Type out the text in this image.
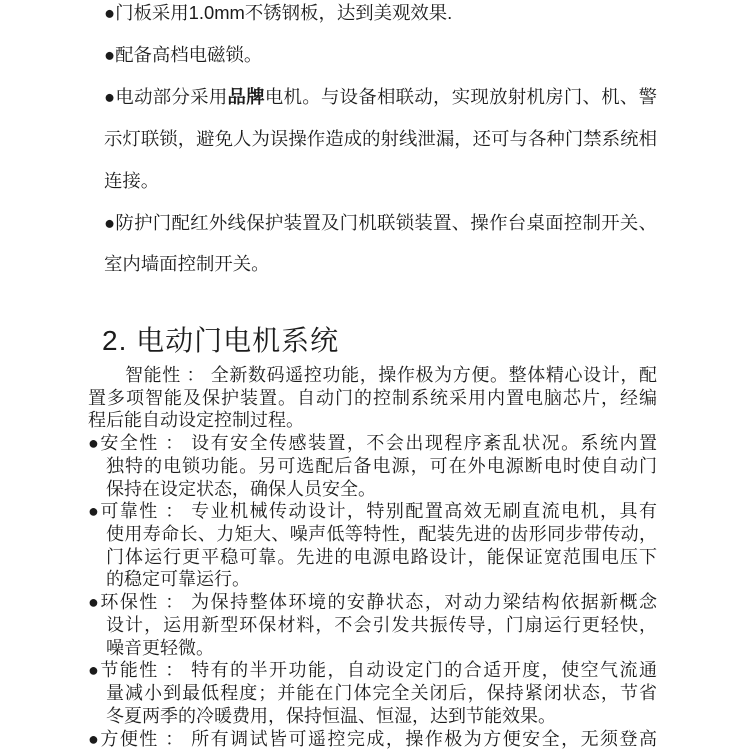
●门板采用1.0mm不锈钢板，达到美观效果.
●配备高档电磁锁。
●电动部分采用品牌电机。与设备相联动，实现放射机房门、机、警
示灯联锁，避免人为误操作造成的射线泄漏，还可与各种门禁系统相
连接。
●防护门配红外线保护装置及门机联锁装置、操作台桌面控制开关、
室内墙面控制开关。
2. 电动门电机系统
智能性 ： 全新数码遥控功能，操作极为方便。整体精心设计，配
置多项智能及保护装置。自动门的控制系统采用内置电脑芯片，经编
程后能自动设定控制过程。
●安全性 ： 设有安全传感装置，不会出现程序紊乱状况。系统内置
独特的电锁功能。另可选配后备电源，可在外电源断电时使自动门
保持在设定状态，确保人员安全。
●可靠性 ： 专业机械传动设计，特别配置高效无刷直流电机，具有
使用寿命长、力矩大、噪声低等特性，配装先进的齿形同步带传动，
门体运行更平稳可靠。先进的电源电路设计，能保证宽范围电压下
的稳定可靠运行。
●环保性 ： 为保持整体环境的安静状态，对动力梁结构依据新概念
设计，运用新型环保材料，不会引发共振传导，门扇运行更轻快，
噪音更轻微。
●节能性 ： 特有的半开功能，自动设定门的合适开度，使空气流通
量减小到最低程度；并能在门体完全关闭后，保持紧闭状态，节省
冬夏两季的冷暖费用，保持恒温、恒湿，达到节能效果。
●方便性 ： 所有调试皆可遥控完成，操作极为方便安全，无须登高
